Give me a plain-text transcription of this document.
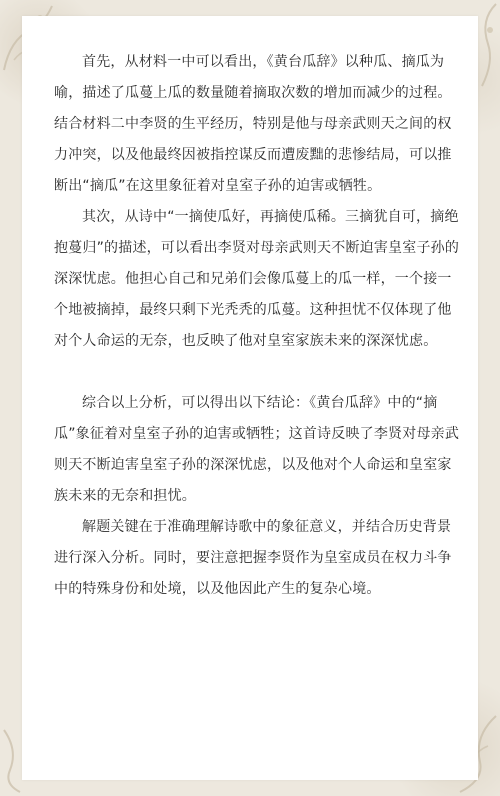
首先，从材料一中可以看出，《黄台瓜辞》以种瓜、摘瓜为喻，描述了瓜蔓上瓜的数量随着摘取次数的增加而减少的过程。结合材料二中李贤的生平经历，特别是他与母亲武则天之间的权力冲突，以及他最终因被指控谋反而遭废黜的悲惨结局，可以推断出“摘瓜”在这里象征着对皇室子孙的迫害或牺牲。

其次，从诗中“一摘使瓜好，再摘使瓜稀。三摘犹自可，摘绝抱蔓归”的描述，可以看出李贤对母亲武则天不断迫害皇室子孙的深深忧虑。他担心自己和兄弟们会像瓜蔓上的瓜一样，一个接一个地被摘掉，最终只剩下光秃秃的瓜蔓。这种担忧不仅体现了他对个人命运的无奈，也反映了他对皇室家族未来的深深忧虑。

综合以上分析，可以得出以下结论：《黄台瓜辞》中的“摘瓜”象征着对皇室子孙的迫害或牺牲；这首诗反映了李贤对母亲武则天不断迫害皇室子孙的深深忧虑，以及他对个人命运和皇室家族未来的无奈和担忧。

解题关键在于准确理解诗歌中的象征意义，并结合历史背景进行深入分析。同时，要注意把握李贤作为皇室成员在权力斗争中的特殊身份和处境，以及他因此产生的复杂心境。
